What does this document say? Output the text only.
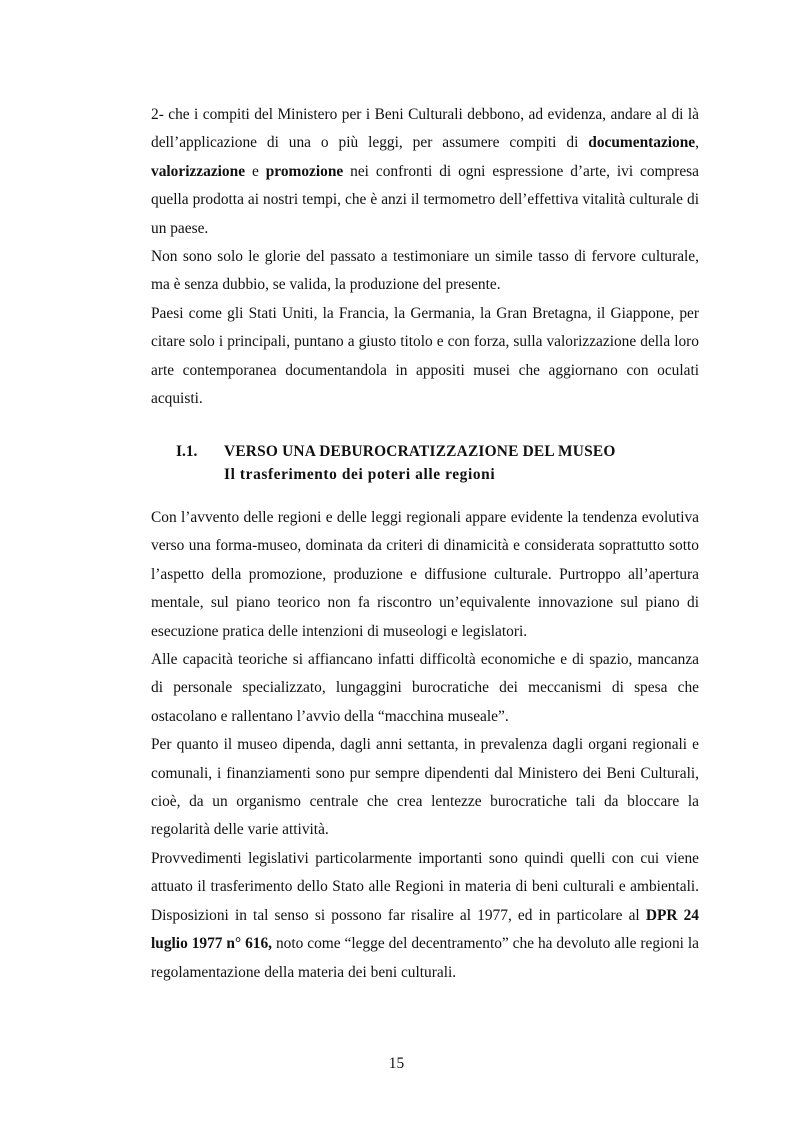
2- che i compiti del Ministero per i Beni Culturali debbono, ad evidenza, andare al di là dell’applicazione di una o più leggi, per assumere compiti di documentazione, valorizzazione e promozione nei confronti di ogni espressione d’arte, ivi compresa quella prodotta ai nostri tempi, che è anzi il termometro dell’effettiva vitalità culturale di un paese.

Non sono solo le glorie del passato a testimoniare un simile tasso di fervore culturale, ma è senza dubbio, se valida, la produzione del presente.

Paesi come gli Stati Uniti, la Francia, la Germania, la Gran Bretagna, il Giappone, per citare solo i principali, puntano a giusto titolo e con forza, sulla valorizzazione della loro arte contemporanea documentandola in appositi musei che aggiornano con oculati acquisti.

I.1. VERSO UNA DEBUROCRATIZZAZIONE DEL MUSEO
Il trasferimento dei poteri alle regioni

Con l’avvento delle regioni e delle leggi regionali appare evidente la tendenza evolutiva verso una forma-museo, dominata da criteri di dinamicità e considerata soprattutto sotto l’aspetto della promozione, produzione e diffusione culturale. Purtroppo all’apertura mentale, sul piano teorico non fa riscontro un’equivalente innovazione sul piano di esecuzione pratica delle intenzioni di museologi e legislatori.

Alle capacità teoriche si affiancano infatti difficoltà economiche e di spazio, mancanza di personale specializzato, lungaggini burocratiche dei meccanismi di spesa che ostacolano e rallentano l’avvio della “macchina museale”.

Per quanto il museo dipenda, dagli anni settanta, in prevalenza dagli organi regionali e comunali, i finanziamenti sono pur sempre dipendenti dal Ministero dei Beni Culturali, cioè, da un organismo centrale che crea lentezze burocratiche tali da bloccare la regolarità delle varie attività.

Provvedimenti legislativi particolarmente importanti sono quindi quelli con cui viene attuato il trasferimento dello Stato alle Regioni in materia di beni culturali e ambientali. Disposizioni in tal senso si possono far risalire al 1977, ed in particolare al DPR 24 luglio 1977 n° 616, noto come “legge del decentramento” che ha devoluto alle regioni la regolamentazione della materia dei beni culturali.

15
